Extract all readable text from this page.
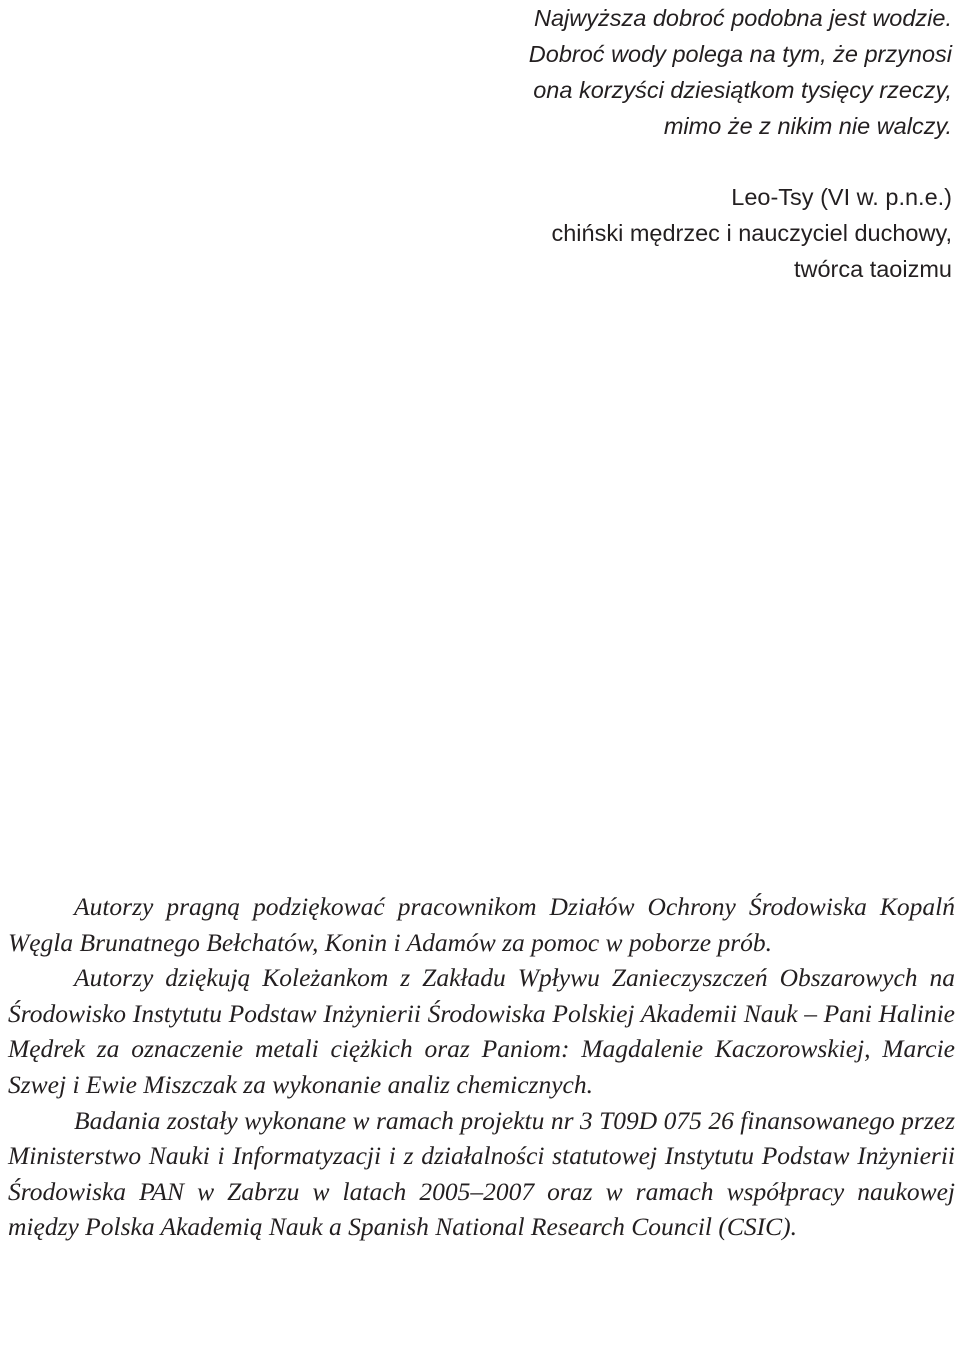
Najwyższa dobroć podobna jest wodzie.
Dobroć wody polega na tym, że przynosi
ona korzyści dziesiątkom tysięcy rzeczy,
mimo że z nikim nie walczy.
Leo-Tsy (VI w. p.n.e.)
chiński mędrzec i nauczyciel duchowy,
twórca taoizmu

Autorzy pragną podziękować pracownikom Działów Ochrony Środowiska Kopalń Węgla Brunatnego Bełchatów, Konin i Adamów za pomoc w poborze prób.

Autorzy dziękują Koleżankom z Zakładu Wpływu Zanieczyszczeń Obszarowych na Środowisko Instytutu Podstaw Inżynierii Środowiska Polskiej Akademii Nauk – Pani Halinie Mędrek za oznaczenie metali ciężkich oraz Paniom: Magdalenie Kaczorowskiej, Marcie Szwej i Ewie Miszczak za wykonanie analiz chemicznych.

Badania zostały wykonane w ramach projektu nr 3 T09D 075 26 finansowanego przez Ministerstwo Nauki i Informatyzacji i z działalności statutowej Instytutu Podstaw Inżynierii Środowiska PAN w Zabrzu w latach 2005–2007 oraz w ramach współpracy naukowej między Polska Akademią Nauk a Spanish National Research Council (CSIC).
